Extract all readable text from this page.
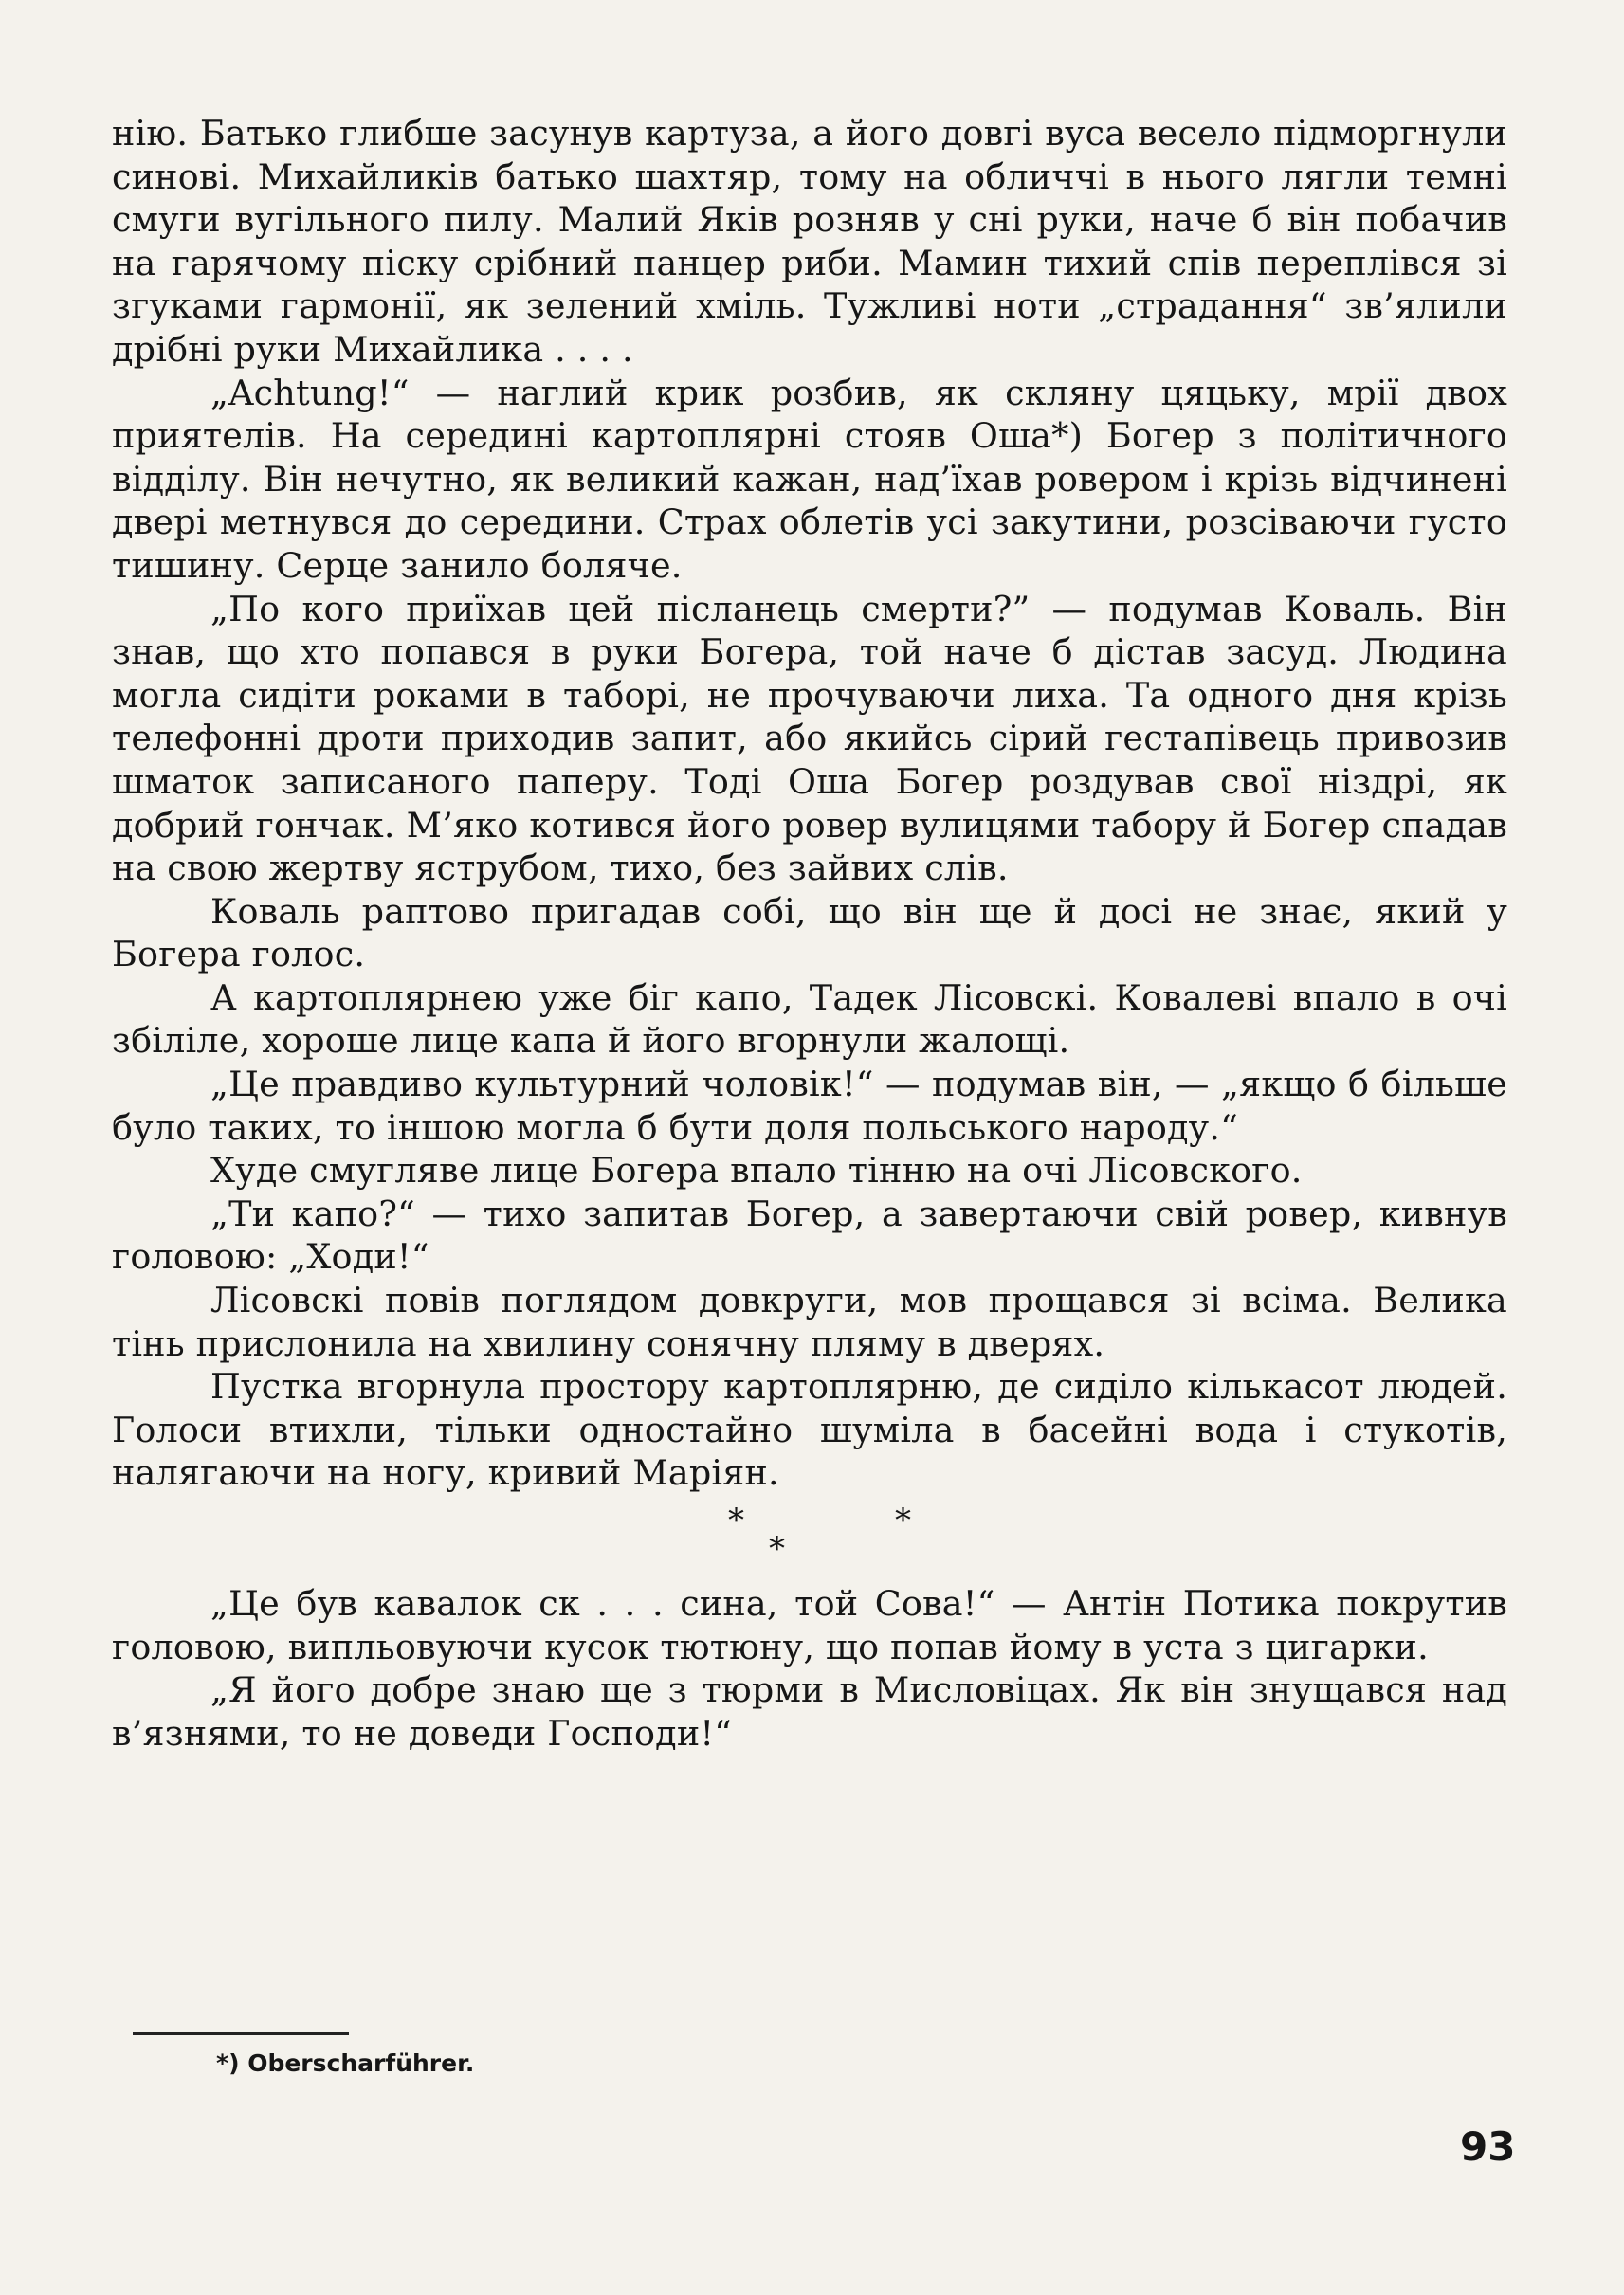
нію. Батько глибше засунув картуза, а його довгі вуса весело підморгнули синові. Михайликів батько шахтяр, тому на обличчі в нього лягли темні смуги вугільного пилу. Малий Яків розняв у сні руки, наче б він побачив на гарячому піску срібний панцер риби. Мамин тихий спів переплівся зі згуками гармонії, як зелений хміль. Тужливі ноти „страдання“ зв’ялили дрібні руки Михайлика . . . .

„Achtung!“ — наглий крик розбив, як скляну цяцьку, мрії двох приятелів. На середині картоплярні стояв Оша*) Богер з політичного відділу. Він нечутно, як великий кажан, над’їхав ровером і крізь відчинені двері метнувся до середини. Страх облетів усі закутини, розсіваючи густо тишину. Серце занило боляче.

„По кого приїхав цей післанець смерти?” — подумав Коваль. Він знав, що хто попався в руки Богера, той наче б дістав засуд. Людина могла сидіти роками в таборі, не прочуваючи лиха. Та одного дня крізь телефонні дроти приходив запит, або якийсь сірий гестапівець привозив шматок записаного паперу. Тоді Оша Богер роздував свої ніздрі, як добрий гончак. М’яко котився його ровер вулицями табору й Богер спадав на свою жертву яструбом, тихо, без зайвих слів.

Коваль раптово пригадав собі, що він ще й досі не знає, який у Богера голос.

А картоплярнею уже біг капо, Тадек Лісовскі. Ковалеві впало в очі збіліле, хороше лице капа й його вгорнули жалощі.

„Це правдиво культурний чоловік!“ — подумав він, — „якщо б більше було таких, то іншою могла б бути доля польського народу.“

Худе смугляве лице Богера впало тінню на очі Лісовского.

„Ти капо?“ — тихо запитав Богер, а завертаючи свій ровер, кивнув головою: „Ходи!“

Лісовскі повів поглядом довкруги, мов прощався зі всіма. Велика тінь прислонила на хвилину сонячну пляму в дверях.

Пустка вгорнула простору картоплярню, де сиділо кількасот людей. Голоси втихли, тільки одностайно шуміла в басейні вода і стукотів, налягаючи на ногу, кривий Маріян.

*
*
*

„Це був кавалок ск . . . сина, той Сова!“ — Антін Потика покрутив головою, випльовуючи кусок тютюну, що попав йому в уста з цигарки.

„Я його добре знаю ще з тюрми в Мисловіцах. Як він знущався над в’язнями, то не доведи Господи!“

*) Oberscharführer.
93
